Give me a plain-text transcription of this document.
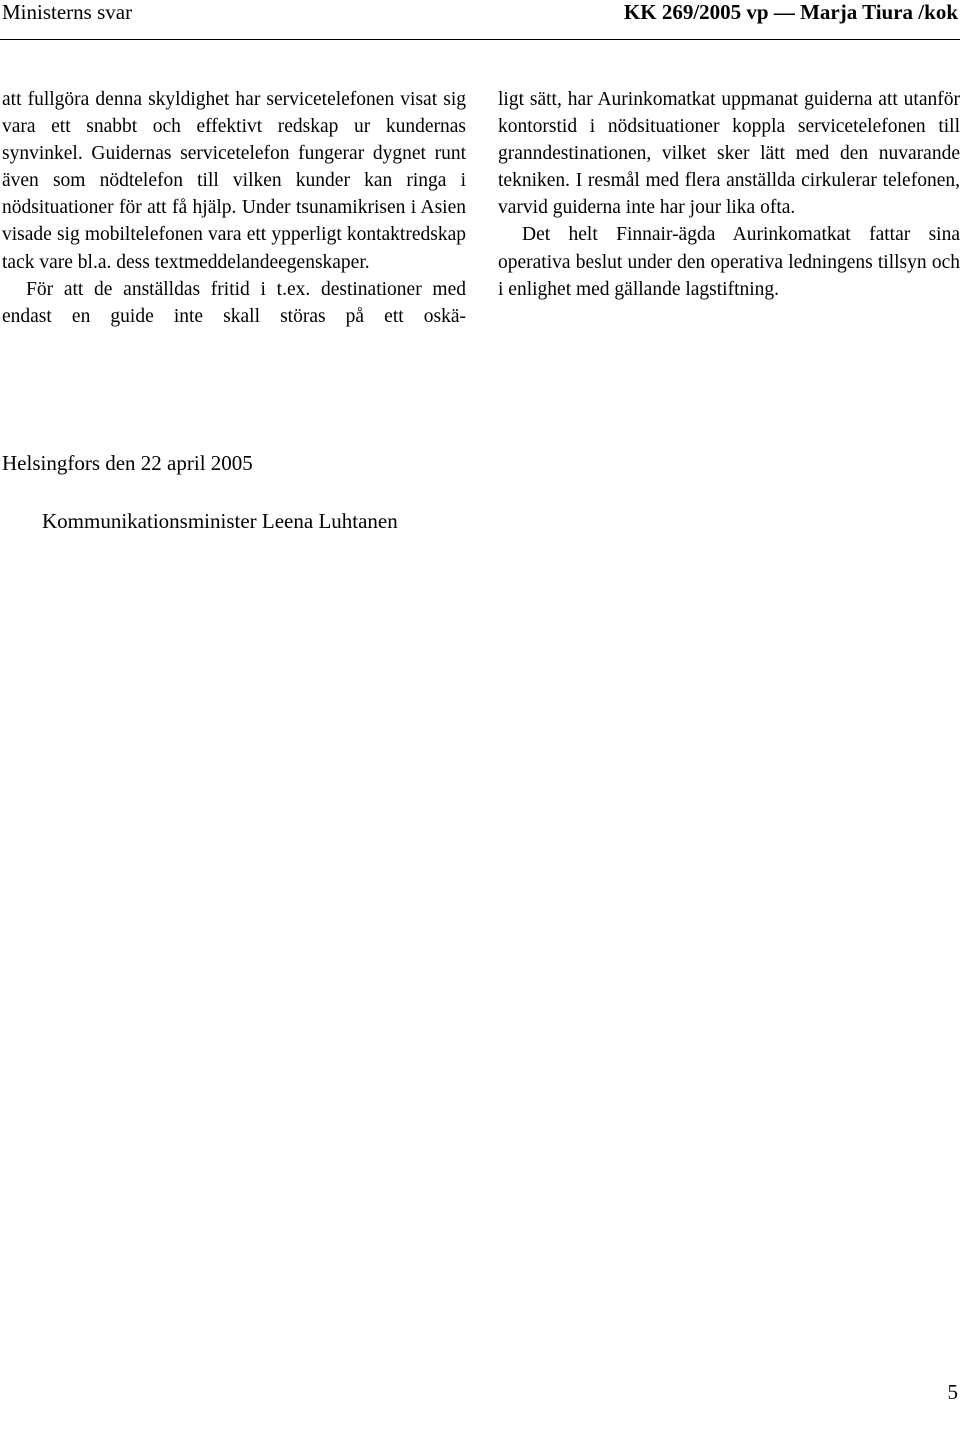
Ministerns svar	KK 269/2005 vp — Marja Tiura /kok

att fullgöra denna skyldighet har servicetelefonen visat sig vara ett snabbt och effektivt redskap ur kundernas synvinkel. Guidernas servicetelefon fungerar dygnet runt även som nödtelefon till vilken kunder kan ringa i nödsituationer för att få hjälp. Under tsunamikrisen i Asien visade sig mobiltelefonen vara ett ypperligt kontaktredskap tack vare bl.a. dess textmeddelandeegenskaper.

För att de anställdas fritid i t.ex. destinationer med endast en guide inte skall störas på ett oskä-

ligt sätt, har Aurinkomatkat uppmanat guiderna att utanför kontorstid i nödsituationer koppla servicetelefonen till granndestinationen, vilket sker lätt med den nuvarande tekniken. I resmål med flera anställda cirkulerar telefonen, varvid guiderna inte har jour lika ofta.

Det helt Finnair-ägda Aurinkomatkat fattar sina operativa beslut under den operativa ledningens tillsyn och i enlighet med gällande lagstiftning.

Helsingfors den 22 april 2005
Kommunikationsminister Leena Luhtanen
5
